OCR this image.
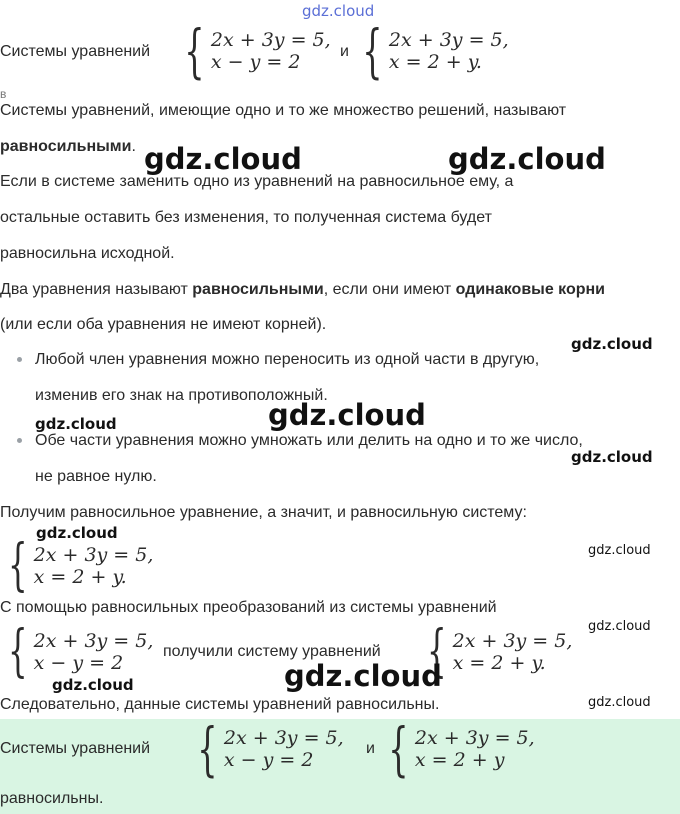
gdz.cloud
Системы уравнений { 2x + 3y = 5,
x − y = 2	и { 2x + 3y = 5,
x = 2 + y.
в
Системы уравнений, имеющие одно и то же множество решений, называют
равносильными. gdz.cloud	gdz.cloud
Если в системе заменить одно из уравнений на равносильное ему, а
остальные оставить без изменения, то полученная система будет
равносильна исходной.
Два уравнения называют равносильными, если они имеют одинаковые корни
(или если оба уравнения не имеют корней).
gdz.cloud
Любой член уравнения можно переносить из одной части в другую,
изменив его знак на противоположный.
gdz.cloud
gdz.cloud
Обе части уравнения можно умножать или делить на одно и то же число,
gdz.cloud
не равное нулю.
Получим равносильное уравнение, а значит, и равносильную систему:
gdz.cloud
{ 2x + 3y = 5,
x = 2 + y.
gdz.cloud
С помощью равносильных преобразований из системы уравнений
{ 2x + 3y = 5,
x − y = 2
gdz.cloud
получили систему уравнений { 2x + 3y = 5,
x = 2 + y.
gdz.cloud
gdz.cloud
Следовательно, данные системы уравнений равносильны.	gdz.cloud
Системы уравнений { 2x + 3y = 5,
x − y = 2
и { 2x + 3y = 5,
x = 2 + y
равносильны.
